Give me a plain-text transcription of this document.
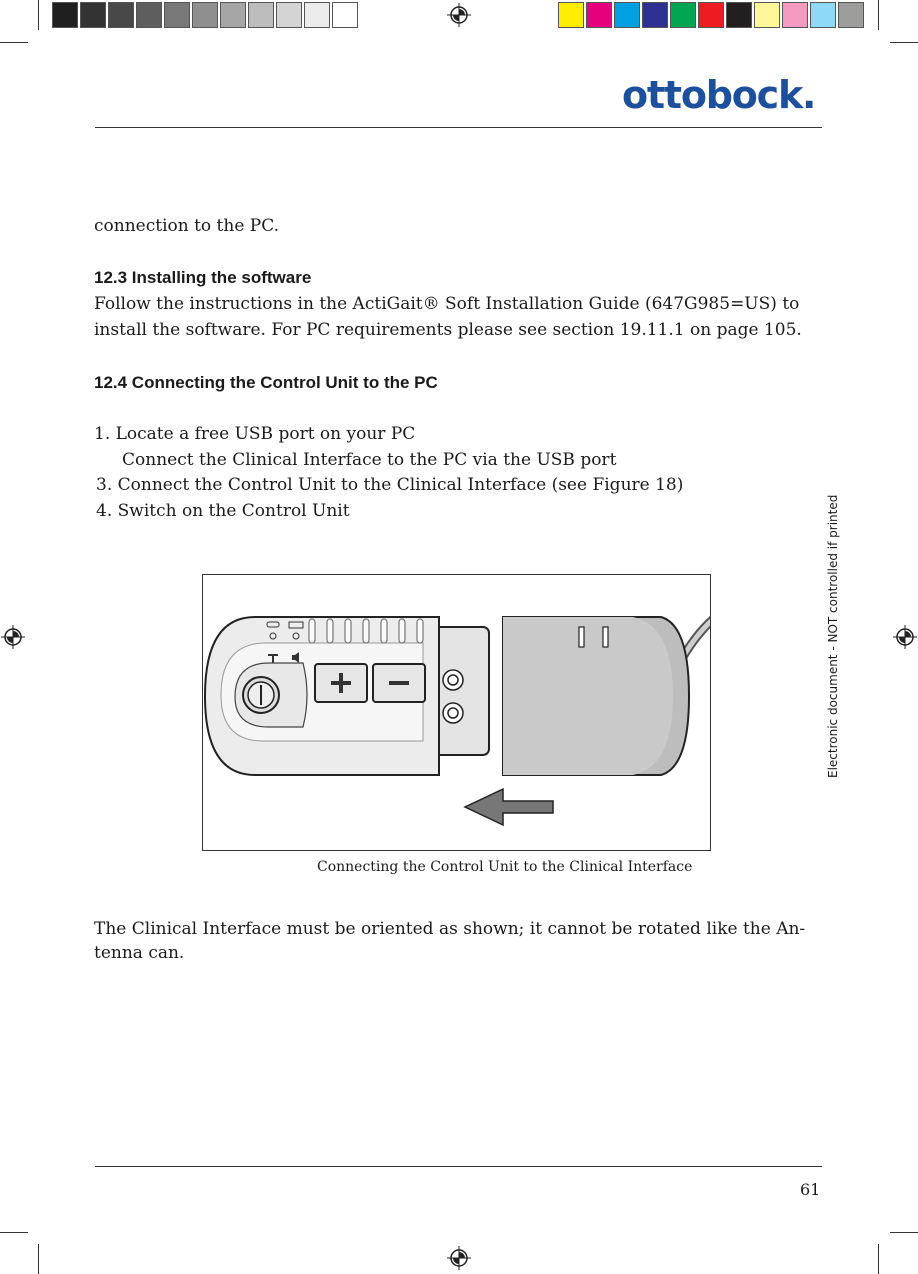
ottobock.
connection to the PC.
12.3 Installing the software
Follow the instructions in the ActiGait® Soft Installation Guide (647G985=US) to
install the software. For PC requirements please see section 19.11.1 on page 105.
12.4 Connecting the Control Unit to the PC
1. Locate a free USB port on your PC
Connect the Clinical Interface to the PC via the USB port
3. Connect the Control Unit to the Clinical Interface (see Figure 18)
4. Switch on the Control Unit
Connecting the Control Unit to the Clinical Interface
The Clinical Interface must be oriented as shown; it cannot be rotated like the An-
tenna can.
Electronic document - NOT controlled if printed
61
